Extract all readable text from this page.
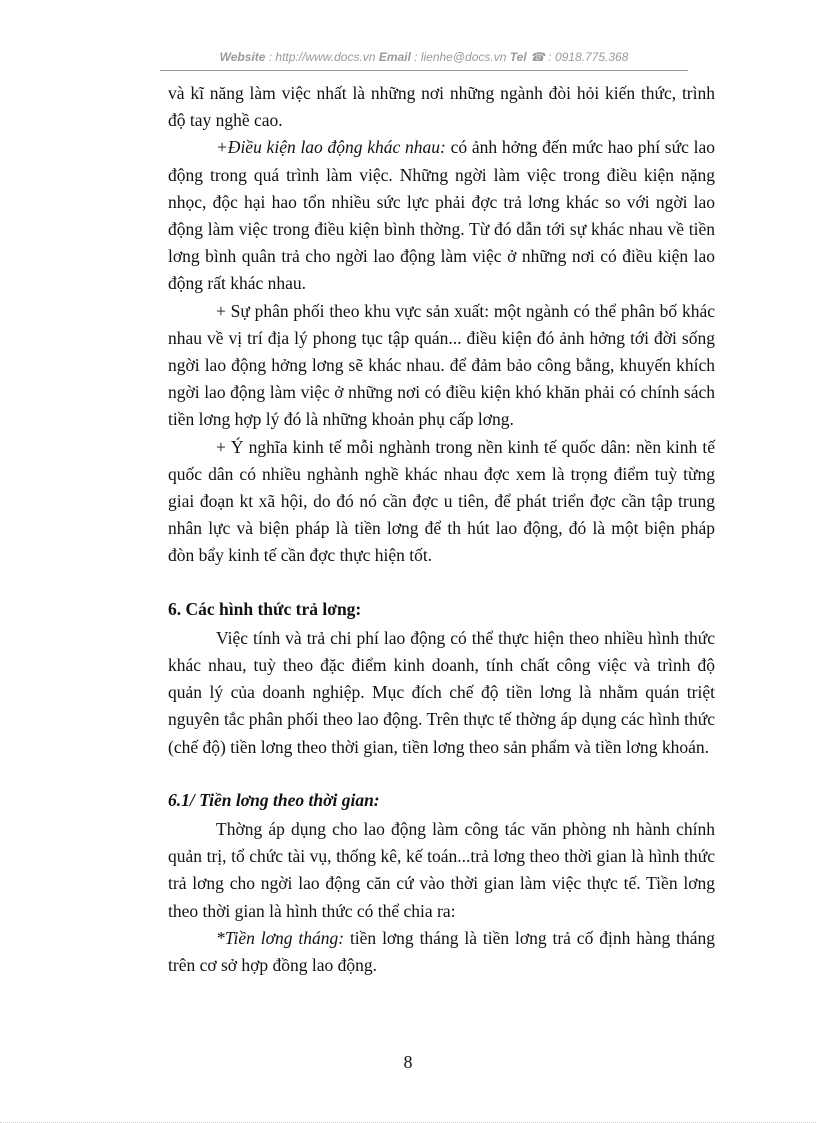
Website : http://www.docs.vn Email : lienhe@docs.vn Tel ☎ : 0918.775.368

và kĩ năng làm việc nhất là những nơi những ngành đòi hỏi kiến thức, trình độ tay nghề cao.

+Điều kiện lao động khác nhau: có ảnh hởng đến mức hao phí sức lao động trong quá trình làm việc. Những ngời làm việc trong điều kiện nặng nhọc, độc hại hao tổn nhiều sức lực phải đợc trả lơng khác so với ngời lao động làm việc trong điều kiện bình thờng. Từ đó dẫn tới sự khác nhau về tiền lơng bình quân trả cho ngời lao động làm việc ở những nơi có điều kiện lao động rất khác nhau.

+ Sự phân phối theo khu vực sản xuất: một ngành có thể phân bố khác nhau về vị trí địa lý phong tục tập quán... điều kiện đó ảnh hởng tới đời sống ngời lao động hởng lơng sẽ khác nhau. để đảm bảo công bằng, khuyến khích ngời lao động làm việc ở những nơi có điều kiện khó khăn phải có chính sách tiền lơng hợp lý đó là những khoản phụ cấp lơng.

+ Ý nghĩa kinh tế mỗi nghành trong nền kinh tế quốc dân: nền kinh tế quốc dân có nhiều nghành nghề khác nhau đợc xem là trọng điểm tuỳ từng giai đoạn kt xã hội, do đó nó cần đợc u tiên, để phát triển đợc cần tập trung nhân lực và biện pháp là tiền lơng để th hút lao động, đó là một biện pháp đòn bẩy kinh tế cần đợc thực hiện tốt.

6. Các hình thức trả lơng:

Việc tính và trả chi phí lao động có thể thực hiện theo nhiều hình thức khác nhau, tuỳ theo đặc điểm kinh doanh, tính chất công việc và trình độ quản lý của doanh nghiệp. Mục đích chế độ tiền lơng là nhằm quán triệt nguyên tắc phân phối theo lao động. Trên thực tế thờng áp dụng các hình thức (chế độ) tiền lơng theo thời gian, tiền lơng theo sản phẩm và tiền lơng khoán.

6.1/ Tiền lơng theo thời gian:

Thờng áp dụng cho lao động làm công tác văn phòng nh hành chính quản trị, tổ chức tài vụ, thống kê, kế toán...trả lơng theo thời gian là hình thức trả lơng cho ngời lao động căn cứ vào thời gian làm việc thực tế. Tiền lơng theo thời gian là hình thức có thể chia ra:

*Tiền lơng tháng: tiền lơng tháng là tiền lơng trả cố định hàng tháng trên cơ sở hợp đồng lao động.

8
